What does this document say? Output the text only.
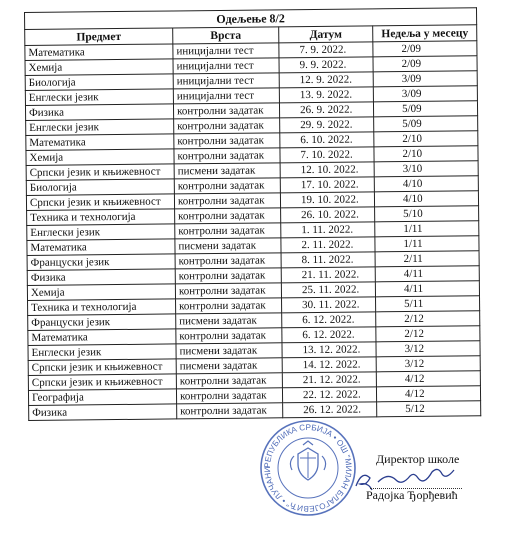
Одељење 8/2			
Предмет	Врста	Датум	Недеља у месецу
Математика	иницијални тест	7. 9. 2022.	2/09
Хемија	иницијални тест	9. 9. 2022.	2/09
Биологија	иницијални тест	12. 9. 2022.	3/09
Енглески језик	иницијални тест	13. 9. 2022.	3/09
Физика	контролни задатак	26. 9. 2022.	5/09
Енглески језик	контролни задатак	29. 9. 2022.	5/09
Математика	контролни задатак	6. 10. 2022.	2/10
Хемија	контролни задатак	7. 10. 2022.	2/10
Српски језик и књижевност	писмени задатак	12. 10. 2022.	3/10
Биологија	контролни задатак	17. 10. 2022.	4/10
Српски језик и књижевност	контролни задатак	19. 10. 2022.	4/10
Техника и технологија	контролни задатак	26. 10. 2022.	5/10
Енглески језик	контролни задатак	1. 11. 2022.	1/11
Математика	писмени задатак	2. 11. 2022.	1/11
Француски језик	контролни задатак	8. 11. 2022.	2/11
Физика	контролни задатак	21. 11. 2022.	4/11
Хемија	контролни задатак	25. 11. 2022.	4/11
Техника и технологија	контролни задатак	30. 11. 2022.	5/11
Француски језик	писмени задатак	6. 12. 2022.	2/12
Математика	контролни задатак	6. 12. 2022.	2/12
Енглески језик	писмени задатак	13. 12. 2022.	3/12
Српски језик и књижевност	писмени задатак	14. 12. 2022.	3/12
Српски језик и књижевност	контролни задатак	21. 12. 2022.	4/12
Географија	контролни задатак	22. 12. 2022.	4/12
Физика	контролни задатак	26. 12. 2022.	5/12
РЕПУБЛИКА СРБИЈА • ОШ "МИЛАН БЛАГОЈЕВИЋ" • ЛУЧАНИ
Директор школе
Радојка Ђорђевић
